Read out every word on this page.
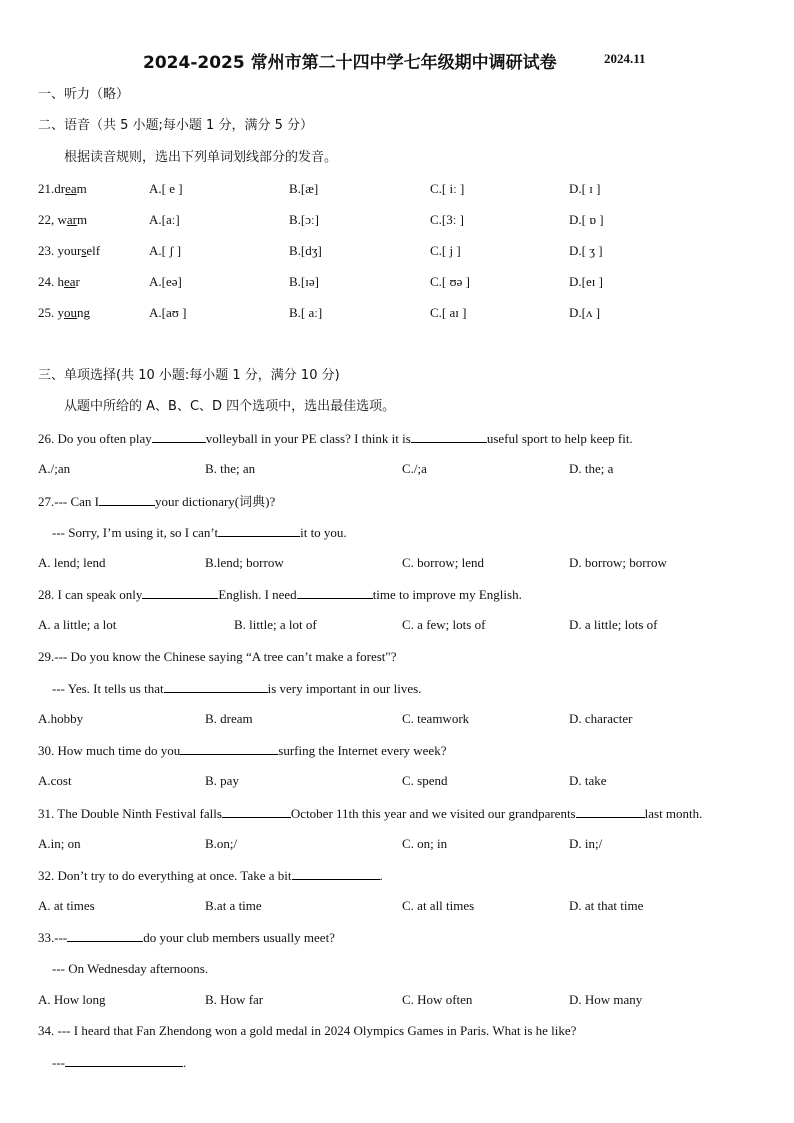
2024-2025 常州市第二十四中学七年级期中调研试卷	2024.11
一、听力（略）
二、语音（共 5 小题;每小题 1 分，满分 5 分）
根据读音规则，选出下列单词划线部分的发音。
21.dream	A.[ e ]	B.[æ]	C.[ iː ]	D.[ ɪ ]
22, warm	A.[aː]	B.[ɔː]	C.[3ː ]	D.[ ɒ ]
23. yourself	A.[ ʃ ]	B.[dʒ]	C.[ j ]	D.[ ʒ ]
24. hear	A.[eə]	B.[ɪə]	C.[ ʊə ]	D.[eɪ ]
25. young	A.[aʊ ]	B.[ aː]	C.[ aɪ ]	D.[ʌ ]
三、单项选择(共 10 小题:每小题 1 分，满分 10 分)
从题中所给的 A、B、C、D 四个选项中，选出最佳选项。
26. Do you often play	volleyball in your PE class? I think it is	useful sport to help keep fit.
A./;an	B. the; an	C./;a	D. the; a
27.--- Can I	your dictionary(词典)?
--- Sorry, I’m using it, so I can’t	it to you.
A. lend; lend	B.lend; borrow	C. borrow; lend	D. borrow; borrow
28. I can speak only	English. I need	time to improve my English.
A. a little; a lot	B. little; a lot of	C. a few; lots of	D. a little; lots of
29.--- Do you know the Chinese saying “A tree can’t make a forest"?
--- Yes. It tells us that	is very important in our lives.
A.hobby	B. dream	C. teamwork	D. character
30. How much time do you	surfing the Internet every week?
A.cost	B. pay	C. spend	D. take
31. The Double Ninth Festival falls	October 11th this year and we visited our grandparents	last month.
A.in; on	B.on;/	C. on; in	D. in;/
32. Don’t try to do everything at once. Take a bit	.
A. at times	B.at a time	C. at all times	D. at that time
33.---	do your club members usually meet?
--- On Wednesday afternoons.
A. How long	B. How far	C. How often	D. How many
34. --- I heard that Fan Zhendong won a gold medal in 2024 Olympics Games in Paris. What is he like?
---	.
